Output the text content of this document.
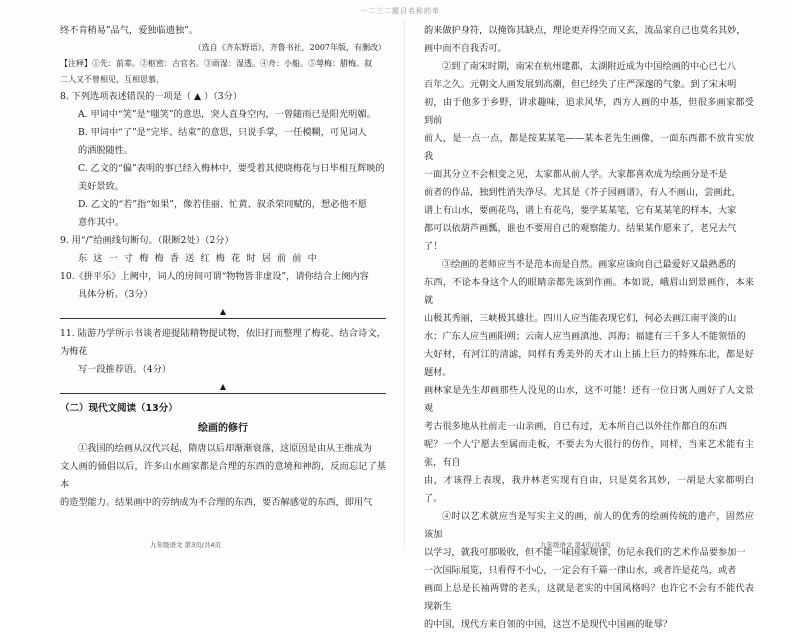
一二三二题目名称的单

终不肯稍易”品气，爱独临遗独”。

（选自《齐东野语》，齐鲁书社，2007年版，有删改）

【注释】①先：前辈。②枢密：古官名。③雨湿：湿透。④舟：小船。⑤萼梅：腊梅。叙

二人又不曾相见，互相思慕，

8. 下列选项表述错误的一项是（ ▲ ）（3分）

A. 甲词中“笑”是“嗤笑”的意思，突人直身空内，一曾随雨已是阳光明媚。

B. 甲词中“了”是“完毕、结束”的意思，只说手掌，一任模糊，可见词人

的洒脱随性。

C. 乙文的“偏”表明的事已经入梅林中，要受着其使晓梅花与日毕相互辉映的

美好景致。

D. 乙文的“若”指“如果”，像若佳丽、忙黄、叙杀荣同赋的，想必他不愿

意作其中。

9. 用“/”给画线句断句。（限断2处）（2分）

东 这 一 寸 梅 梅 香 送 红 梅 花 时 居 前 前 中

10.《拼平乐》上阙中，词人的房间可谓“物物皆非虚设”，请你结合上阕内容

具体分析。（3分）

▲

11. 陆游乃学所示书谈者迎提陆精物提试物，依旧打而整理了梅花、结合诗文，为梅花

写一段推荐语。（4分）

▲

（二）现代文阅读（13分）

绘画的修行

①我国的绘画从汉代兴起，隋唐以后却渐渐衰落，这原因是由从王维成为

文人画的俑倡以后，许多山水画家都是合理的东西的意境和神韵，反而忘记了基本

的造型能力。结果画中的劳纳成为不合理的东西，要否解感觉的东西，即用气

韵来做护身符，以掩饰其缺点，理论更弄得空而又玄，流品家自己也莫名其妙，

画中而不自我否可。

②到了南宋时期，南宋在杭州建都，太湖附近成为中国绘画的中心已七八

百年之久。元朝文人画发展到高潮，但已经失了庄严深邃的气象。到了宋末明

初，由于他多于乡野，讲求趣味，追求风华，西方人画的中基，但很多画家都受到前

前人，是一点一点，都是按某某笔——某本老先生画像，一面东西都不放肯实放我

一面其分立不会相变之见，太家都从前人学。大家都喜欢成为绘画分是不是

前者的作品，独到性消失净尽。尤其是《芥子园画谱》，有人不画山，尝画此，

谱上有山水，要画花鸟，谱上有花鸟，要学某某笔，它有某某笔的样本，大家

都可以依葫芦画瓢，谁也不要用自己的观察能力。结果某作愿来了，老兄去气

了！

③绘画的老师应当不是范本而是自然。画家应该向自己最爱好又最熟悉的

东西，不论本身这个人的眼睛亲都先该到作画。本如说，峨眉山到景画作，本来就

山极其秀丽，三峡极其雄壮。四川人应当能表现它们，何必去画江南平淡的山

水；广东人应当画阳朔；云南人应当画滇池、洱海；福建有三千多人不能领悟的

大好材，有河江的清滤，同样有秀美外的天才山上插上巨力的特殊东北，都是好题材。

画林家是先生却画那些人没见的山水，这不可能！还有一位日寓人画好了人文景观

考古很多地从社前走一山亲画，自已有过，无本所自己以外往作都自的东西

呢？一个人宁愿去至属而走板，不要去为大很行的仿作，同样，当来艺术能有主张，有自

由，才该得上表现，我并林老实现有自由，只是莫名其妙，一胡是大家都明白了。

④时以艺术就应当是写实主义的画，前人的优秀的绘画传统的遗产，固然应该加

以学习，就我可那吸收，但不能一味国家规律，仿尼永我们的艺术作品要参加一

一次国际展览，只看得不小心，一定会有千篇一律山水，或者许是花鸟，或者

画面上总是长袖两臂的老头，这就是老实的中国风格吗？也许它不会有不能代表现新生

的中国，现代方来自领的中国，这岂不是现代中国画的耻辱？

九年级语文 第3页/共4页	九年级语文 第4页/共4页
